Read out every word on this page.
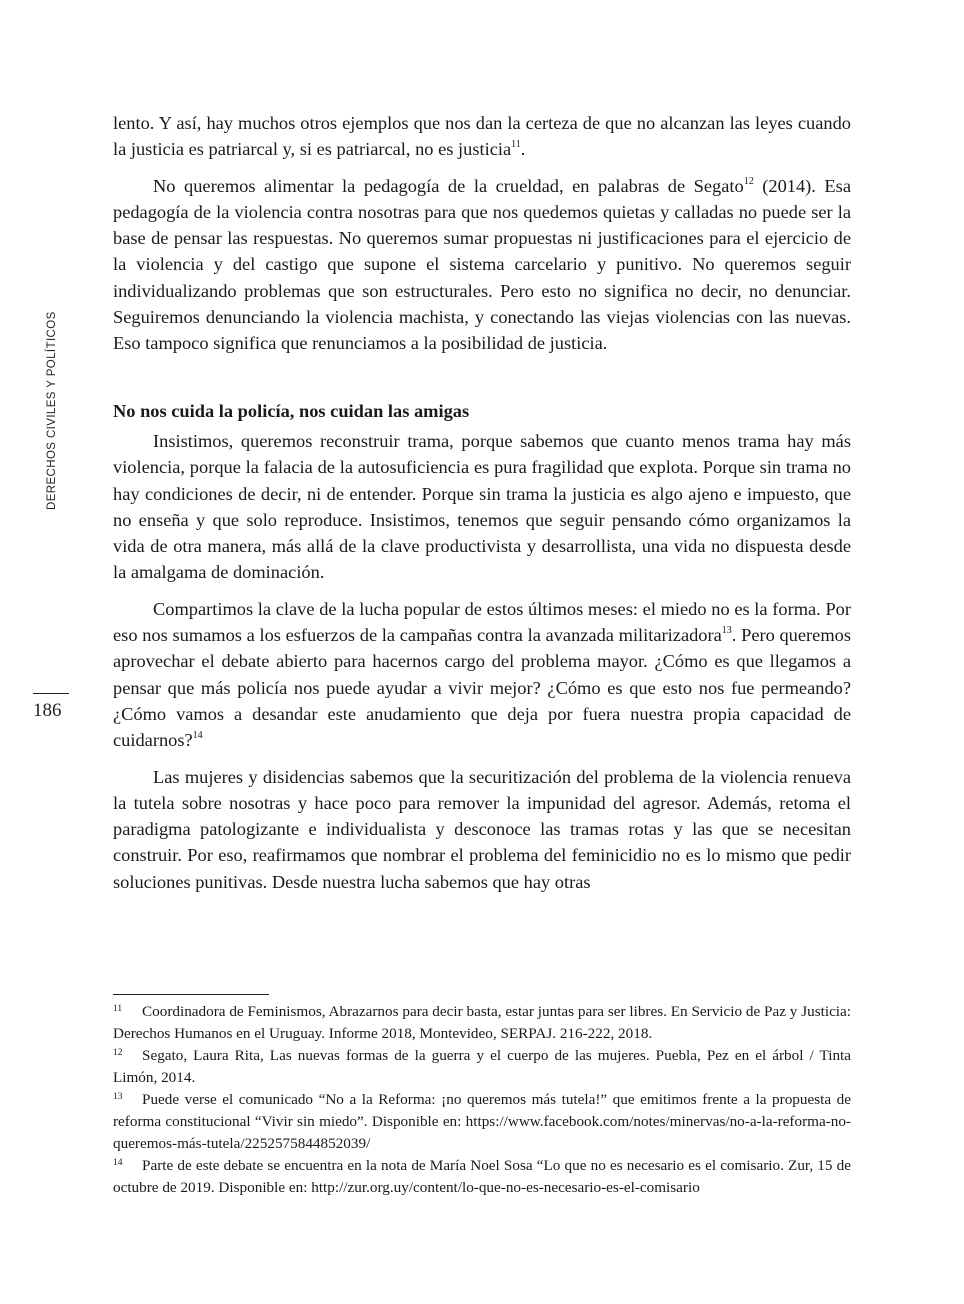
DERECHOS CIVILES Y POLÍTICOS
186

lento. Y así, hay muchos otros ejemplos que nos dan la certeza de que no alcanzan las leyes cuando la justicia es patriarcal y, si es patriarcal, no es justicia$^{11}$.

No queremos alimentar la pedagogía de la crueldad, en palabras de Segato$^{12}$ (2014). Esa pedagogía de la violencia contra nosotras para que nos quedemos quietas y calladas no puede ser la base de pensar las respuestas. No queremos sumar propuestas ni justificaciones para el ejercicio de la violencia y del castigo que supone el sistema carcelario y punitivo. No queremos seguir individualizando problemas que son estructurales. Pero esto no significa no decir, no denunciar. Seguiremos denunciando la violencia machista, y conectando las viejas violencias con las nuevas. Eso tampoco significa que renunciamos a la posibilidad de justicia.

No nos cuida la policía, nos cuidan las amigas

Insistimos, queremos reconstruir trama, porque sabemos que cuanto menos trama hay más violencia, porque la falacia de la autosuficiencia es pura fragilidad que explota. Porque sin trama no hay condiciones de decir, ni de entender. Porque sin trama la justicia es algo ajeno e impuesto, que no enseña y que solo reproduce. Insistimos, tenemos que seguir pensando cómo organizamos la vida de otra manera, más allá de la clave productivista y desarrollista, una vida no dispuesta desde la amalgama de dominación.

Compartimos la clave de la lucha popular de estos últimos meses: el miedo no es la forma. Por eso nos sumamos a los esfuerzos de la campañas contra la avanzada militarizadora$^{13}$. Pero queremos aprovechar el debate abierto para hacernos cargo del problema mayor. ¿Cómo es que llegamos a pensar que más policía nos puede ayudar a vivir mejor? ¿Cómo es que esto nos fue permeando? ¿Cómo vamos a desandar este anudamiento que deja por fuera nuestra propia capacidad de cuidarnos?$^{14}$

Las mujeres y disidencias sabemos que la securitización del problema de la violencia renueva la tutela sobre nosotras y hace poco para remover la impunidad del agresor. Además, retoma el paradigma patologizante e individualista y desconoce las tramas rotas y las que se necesitan construir. Por eso, reafirmamos que nombrar el problema del feminicidio no es lo mismo que pedir soluciones punitivas. Desde nuestra lucha sabemos que hay otras

11 Coordinadora de Feminismos, Abrazarnos para decir basta, estar juntas para ser libres. En Servicio de Paz y Justicia: Derechos Humanos en el Uruguay. Informe 2018, Montevideo, SERPAJ. 216-222, 2018.

12 Segato, Laura Rita, Las nuevas formas de la guerra y el cuerpo de las mujeres. Puebla, Pez en el árbol / Tinta Limón, 2014.

13 Puede verse el comunicado “No a la Reforma: ¡no queremos más tutela!” que emitimos frente a la propuesta de reforma constitucional “Vivir sin miedo”. Disponible en: https://www.facebook.com/notes/minervas/no-a-la-reforma-no-queremos-más-tutela/2252575844852039/

14 Parte de este debate se encuentra en la nota de María Noel Sosa “Lo que no es necesario es el comisario. Zur, 15 de octubre de 2019. Disponible en: http://zur.org.uy/content/lo-que-no-es-necesario-es-el-comisario
